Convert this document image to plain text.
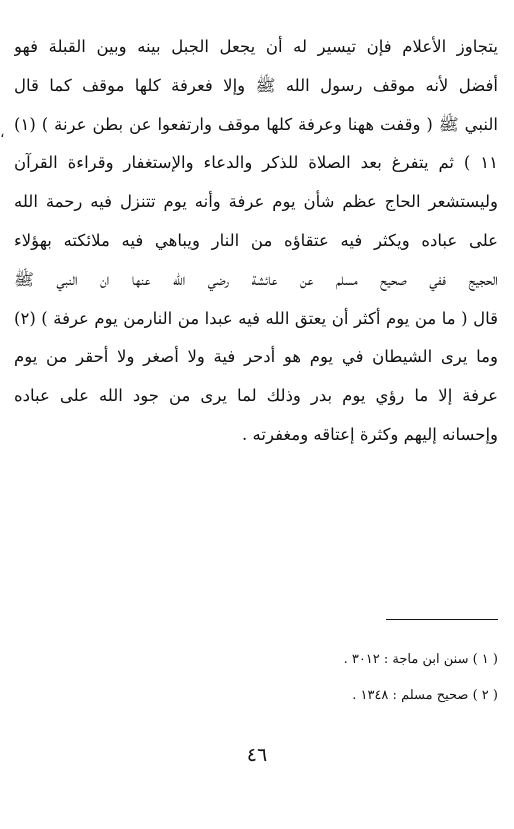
يتجاوز الأعلام فإن تيسير له أن يجعل الجبل بينه وبين القبلة فهو
أفضل لأنه موقف رسول الله ﷺ وإلا فعرفة كلها موقف كما قال
النبي ﷺ ( وقفت ههنا وعرفة كلها موقف وارتفعوا عن بطن عرنة ) (١)
١١ ) ثم يتفرغ بعد الصلاة للذكر والدعاء والإستغفار وقراءة القرآن
وليستشعر الحاج عظم شأن يوم عرفة وأنه يوم تتنزل فيه رحمة الله
على عباده ويكثر فيه عتقاؤه من النار ويباهي فيه ملائكته بهؤلاء
الحجيج ففي صحيح مسلم عن عائشة رضي الله عنها ان النبي ﷺ
قال ( ما من يوم أكثر أن يعتق الله فيه عبدا من النارمن يوم عرفة ) (٢)
وما يرى الشيطان في يوم هو أدحر فية ولا أصغر ولا أحقر من يوم
عرفة إلا ما رؤي يوم بدر وذلك لما يرى من جود الله على عباده
وإحسانه إليهم وكثرة إعتاقه ومغفرته .
،
( ١ ) سنن ابن ماجة : ٣٠١٢ .
( ٢ ) صحيح مسلم : ١٣٤٨ .
٤٦
